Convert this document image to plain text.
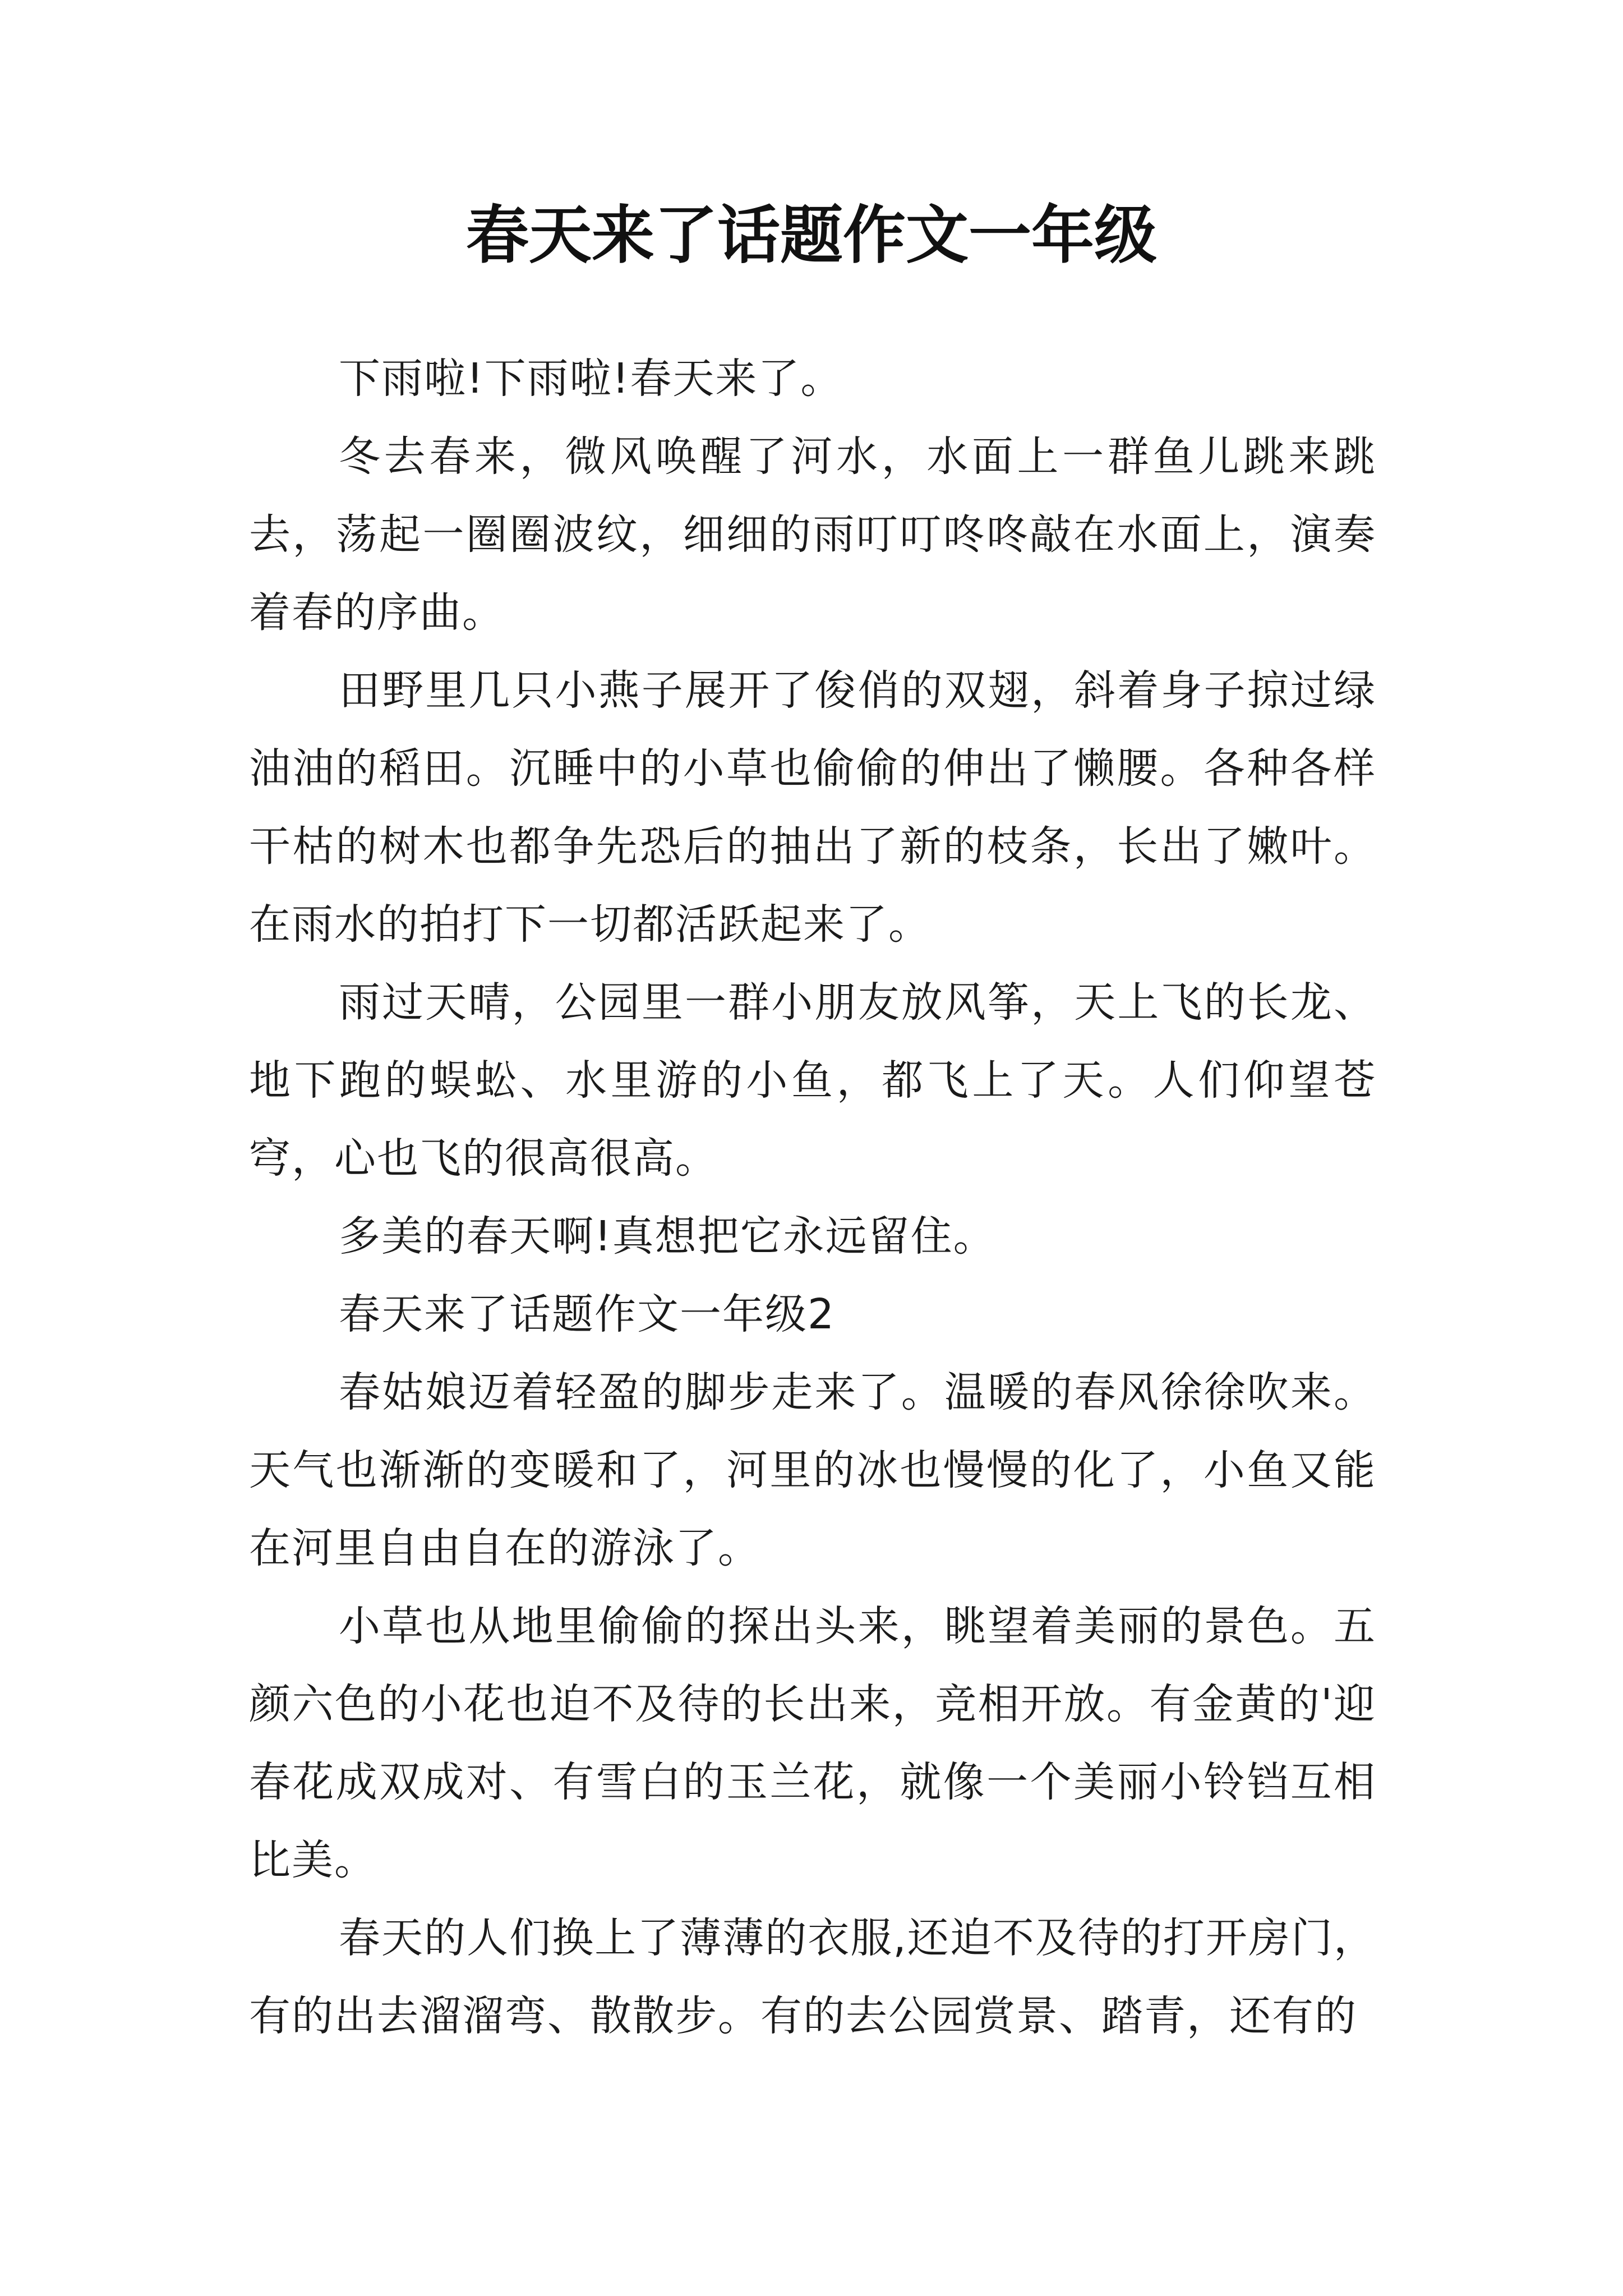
春天来了话题作文一年级

下雨啦!下雨啦!春天来了。

冬去春来，微风唤醒了河水，水面上一群鱼儿跳来跳去，荡起一圈圈波纹，细细的雨叮叮咚咚敲在水面上，演奏着春的序曲。

田野里几只小燕子展开了俊俏的双翅，斜着身子掠过绿油油的稻田。沉睡中的小草也偷偷的伸出了懒腰。各种各样干枯的树木也都争先恐后的抽出了新的枝条，长出了嫩叶。在雨水的拍打下一切都活跃起来了。

雨过天晴，公园里一群小朋友放风筝，天上飞的长龙、地下跑的蜈蚣、水里游的小鱼，都飞上了天。人们仰望苍穹，心也飞的很高很高。

多美的春天啊!真想把它永远留住。

春天来了话题作文一年级2

春姑娘迈着轻盈的脚步走来了。温暖的春风徐徐吹来。天气也渐渐的变暖和了，河里的冰也慢慢的化了，小鱼又能在河里自由自在的游泳了。

小草也从地里偷偷的探出头来，眺望着美丽的景色。五颜六色的小花也迫不及待的长出来，竞相开放。有金黄的'迎春花成双成对、有雪白的玉兰花，就像一个美丽小铃铛互相比美。

春天的人们换上了薄薄的衣服,还迫不及待的打开房门，有的出去溜溜弯、散散步。有的去公园赏景、踏青，还有的
